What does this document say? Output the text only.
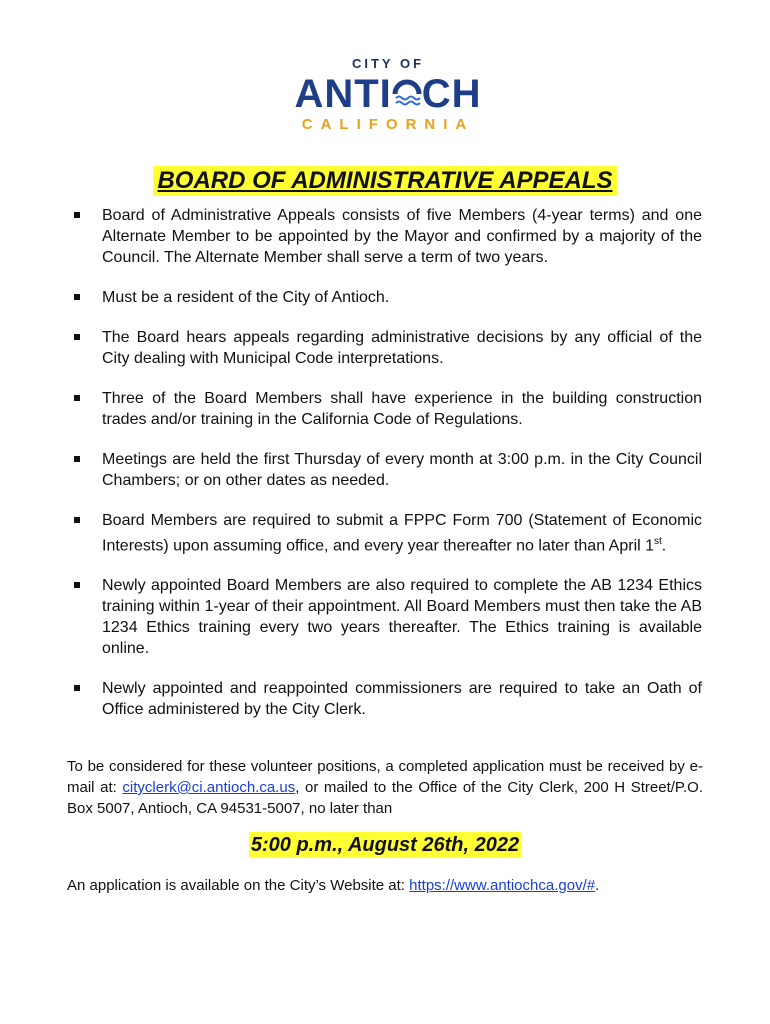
CITY OF
ANTI CH
CALIFORNIA
BOARD OF ADMINISTRATIVE APPEALS
Board of Administrative Appeals consists of five Members (4-year terms) and one Alternate Member to be appointed by the Mayor and confirmed by a majority of the Council. The Alternate Member shall serve a term of two years.
Must be a resident of the City of Antioch.
The Board hears appeals regarding administrative decisions by any official of the City dealing with Municipal Code interpretations.
Three of the Board Members shall have experience in the building construction trades and/or training in the California Code of Regulations.
Meetings are held the first Thursday of every month at 3:00 p.m. in the City Council Chambers; or on other dates as needed.
Board Members are required to submit a FPPC Form 700 (Statement of Economic Interests) upon assuming office, and every year thereafter no later than April 1st.
Newly appointed Board Members are also required to complete the AB 1234 Ethics training within 1-year of their appointment. All Board Members must then take the AB 1234 Ethics training every two years thereafter. The Ethics training is available online.
Newly appointed and reappointed commissioners are required to take an Oath of Office administered by the City Clerk.
To be considered for these volunteer positions, a completed application must be received by e-mail at: cityclerk@ci.antioch.ca.us, or mailed to the Office of the City Clerk, 200 H Street/P.O. Box 5007, Antioch, CA 94531-5007, no later than
5:00 p.m., August 26th, 2022
An application is available on the City’s Website at: https://www.antiochca.gov/#.
